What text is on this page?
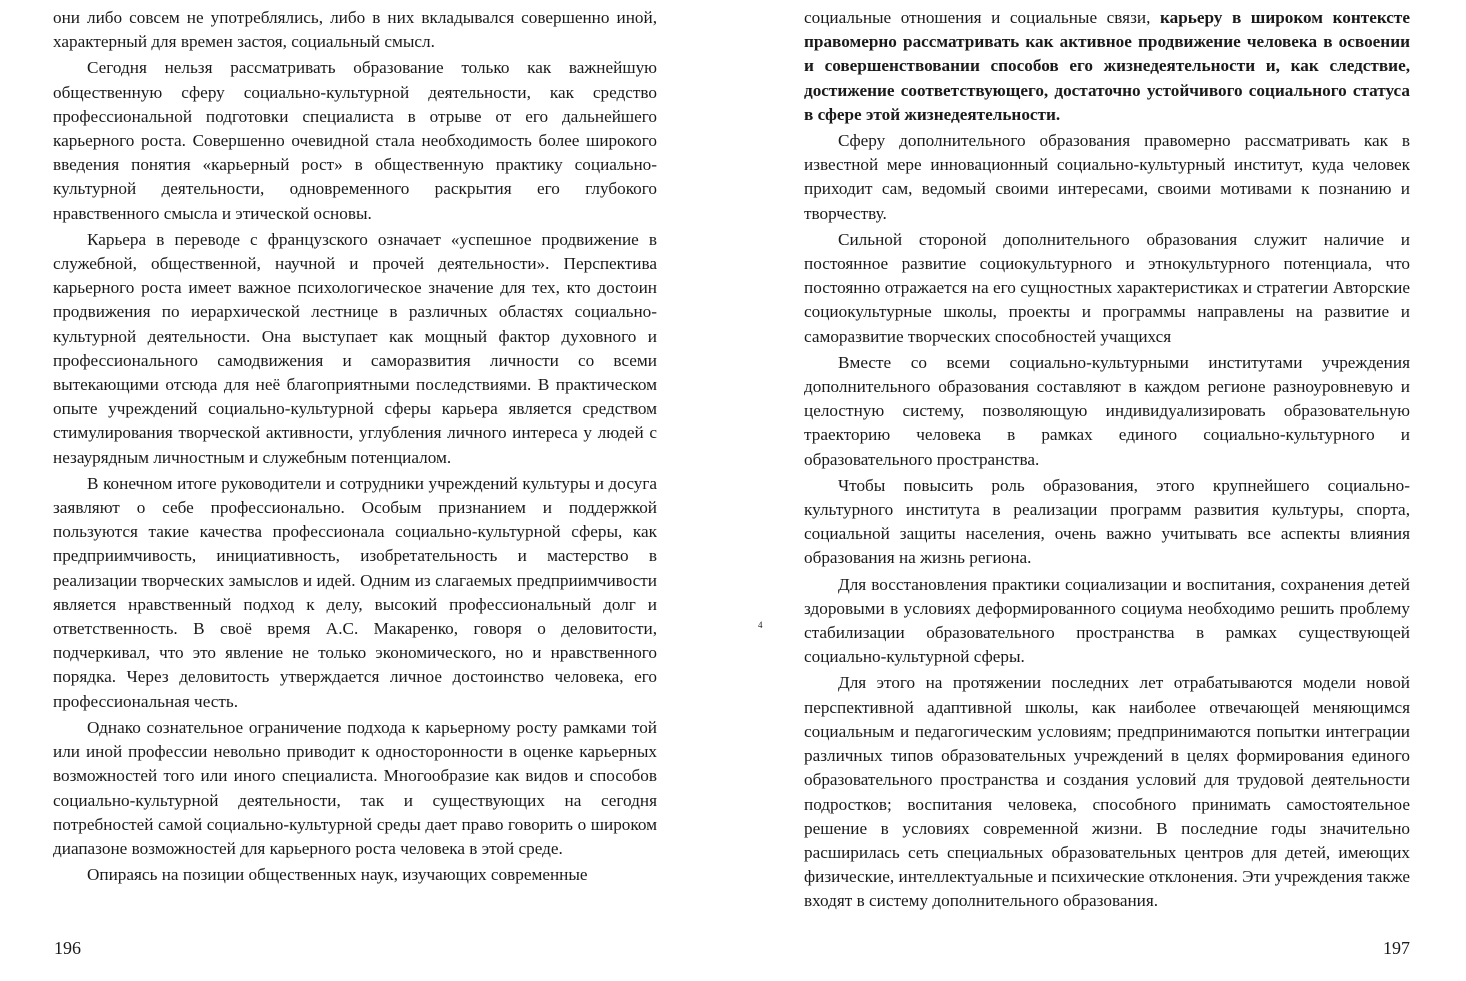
они либо совсем не употреблялись, либо в них вкладывался совершенно иной, характерный для времен застоя, социальный смысл.

Сегодня нельзя рассматривать образование только как важнейшую общественную сферу социально-культурной деятельности, как средство профессиональной подготовки специалиста в отрыве от его дальнейшего карьерного роста. Совершенно очевидной стала необходимость более широкого введения понятия «карьерный рост» в общественную практику социально-культурной деятельности, одновременного раскрытия его глубокого нравственного смысла и этической основы.

Карьера в переводе с французского означает «успешное продвижение в служебной, общественной, научной и прочей деятельности». Перспектива карьерного роста имеет важное психологическое значение для тех, кто достоин продвижения по иерархической лестнице в различных областях социально-культурной деятельности. Она выступает как мощный фактор духовного и профессионального самодвижения и саморазвития личности со всеми вытекающими отсюда для неё благоприятными последствиями. В практическом опыте учреждений социально-культурной сферы карьера является средством стимулирования творческой активности, углубления личного интереса у людей с незаурядным личностным и служебным потенциалом.

В конечном итоге руководители и сотрудники учреждений культуры и досуга заявляют о себе профессионально. Особым признанием и поддержкой пользуются такие качества профессионала социально-культурной сферы, как предприимчивость, инициативность, изобретательность и мастерство в реализации творческих замыслов и идей. Одним из слагаемых предприимчивости является нравственный подход к делу, высокий профессиональный долг и ответственность. В своё время А.С. Макаренко, говоря о деловитости, подчеркивал, что это явление не только экономического, но и нравственного порядка. Через деловитость утверждается личное достоинство человека, его профессиональная честь.

Однако сознательное ограничение подхода к карьерному росту рамками той или иной профессии невольно приводит к односторонности в оценке карьерных возможностей того или иного специалиста. Многообразие как видов и способов социально-культурной деятельности, так и существующих на сегодня потребностей самой социально-культурной среды дает право говорить о широком диапазоне возможностей для карьерного роста человека в этой среде.

Опираясь на позиции общественных наук, изучающих современные

196
4

социальные отношения и социальные связи, карьеру в широком контексте правомерно рассматривать как активное продвижение человека в освоении и совершенствовании способов его жизнедеятельности и, как следствие, достижение соответствующего, достаточно устойчивого социального статуса в сфере этой жизнедеятельности.

Сферу дополнительного образования правомерно рассматривать как в известной мере инновационный социально-культурный институт, куда человек приходит сам, ведомый своими интересами, своими мотивами к познанию и творчеству.

Сильной стороной дополнительного образования служит наличие и постоянное развитие социокультурного и этнокультурного потенциала, что постоянно отражается на его сущностных характеристиках и стратегии Авторские социокультурные школы, проекты и программы направлены на развитие и саморазвитие творческих способностей учащихся

Вместе со всеми социально-культурными институтами учреждения дополнительного образования составляют в каждом регионе разноуровневую и целостную систему, позволяющую индивидуализировать образовательную траекторию человека в рамках единого социально-культурного и образовательного пространства.

Чтобы повысить роль образования, этого крупнейшего социально-культурного института в реализации программ развития культуры, спорта, социальной защиты населения, очень важно учитывать все аспекты влияния образования на жизнь региона.

Для восстановления практики социализации и воспитания, сохранения детей здоровыми в условиях деформированного социума необходимо решить проблему стабилизации образовательного пространства в рамках существующей социально-культурной сферы.

Для этого на протяжении последних лет отрабатываются модели новой перспективной адаптивной школы, как наиболее отвечающей меняющимся социальным и педагогическим условиям; предпринимаются попытки интеграции различных типов образовательных учреждений в целях формирования единого образовательного пространства и создания условий для трудовой деятельности подростков; воспитания человека, способного принимать самостоятельное решение в условиях современной жизни. В последние годы значительно расширилась сеть специальных образовательных центров для детей, имеющих физические, интеллектуальные и психические отклонения. Эти учреждения также входят в систему дополнительного образования.

197
